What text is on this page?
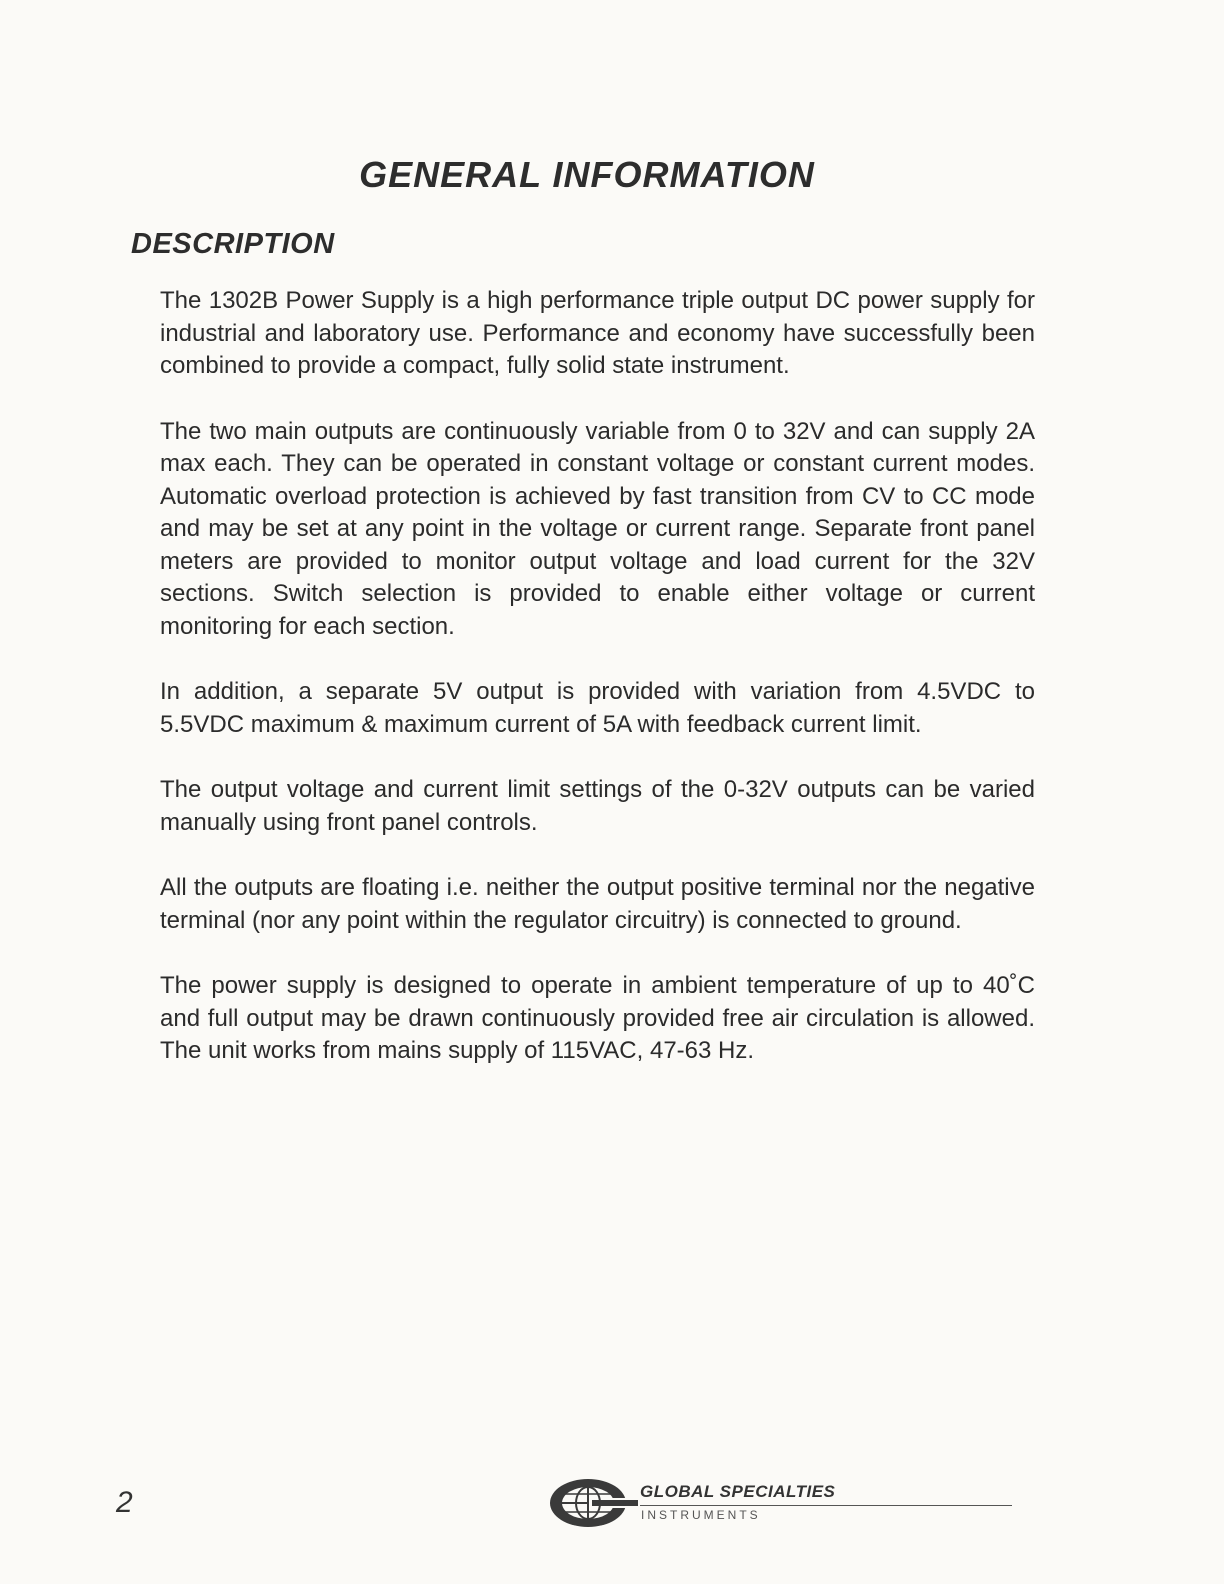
GENERAL INFORMATION
DESCRIPTION

The 1302B Power Supply is a high performance triple output DC power supply for industrial and laboratory use. Performance and economy have successfully been combined to provide a compact, fully solid state instrument.

The two main outputs are continuously variable from 0 to 32V and can supply 2A max each. They can be operated in constant voltage or constant current modes. Automatic overload protection is achieved by fast transition from CV to CC mode and may be set at any point in the voltage or current range. Separate front panel meters are provided to monitor output voltage and load current for the 32V sections. Switch selection is provided to enable either voltage or current monitoring for each section.

In addition, a separate 5V output is provided with variation from 4.5VDC to 5.5VDC maximum & maximum current of 5A with feedback current limit.

The output voltage and current limit settings of the 0-32V outputs can be varied manually using front panel controls.

All the outputs are floating i.e. neither the output positive terminal nor the negative terminal (nor any point within the regulator circuitry) is connected to ground.

The power supply is designed to operate in ambient temperature of up to 40˚C and full output may be drawn continuously provided free air circulation is allowed. The unit works from mains supply of 115VAC, 47-63 Hz.

2	GLOBAL SPECIALTIES
INSTRUMENTS
